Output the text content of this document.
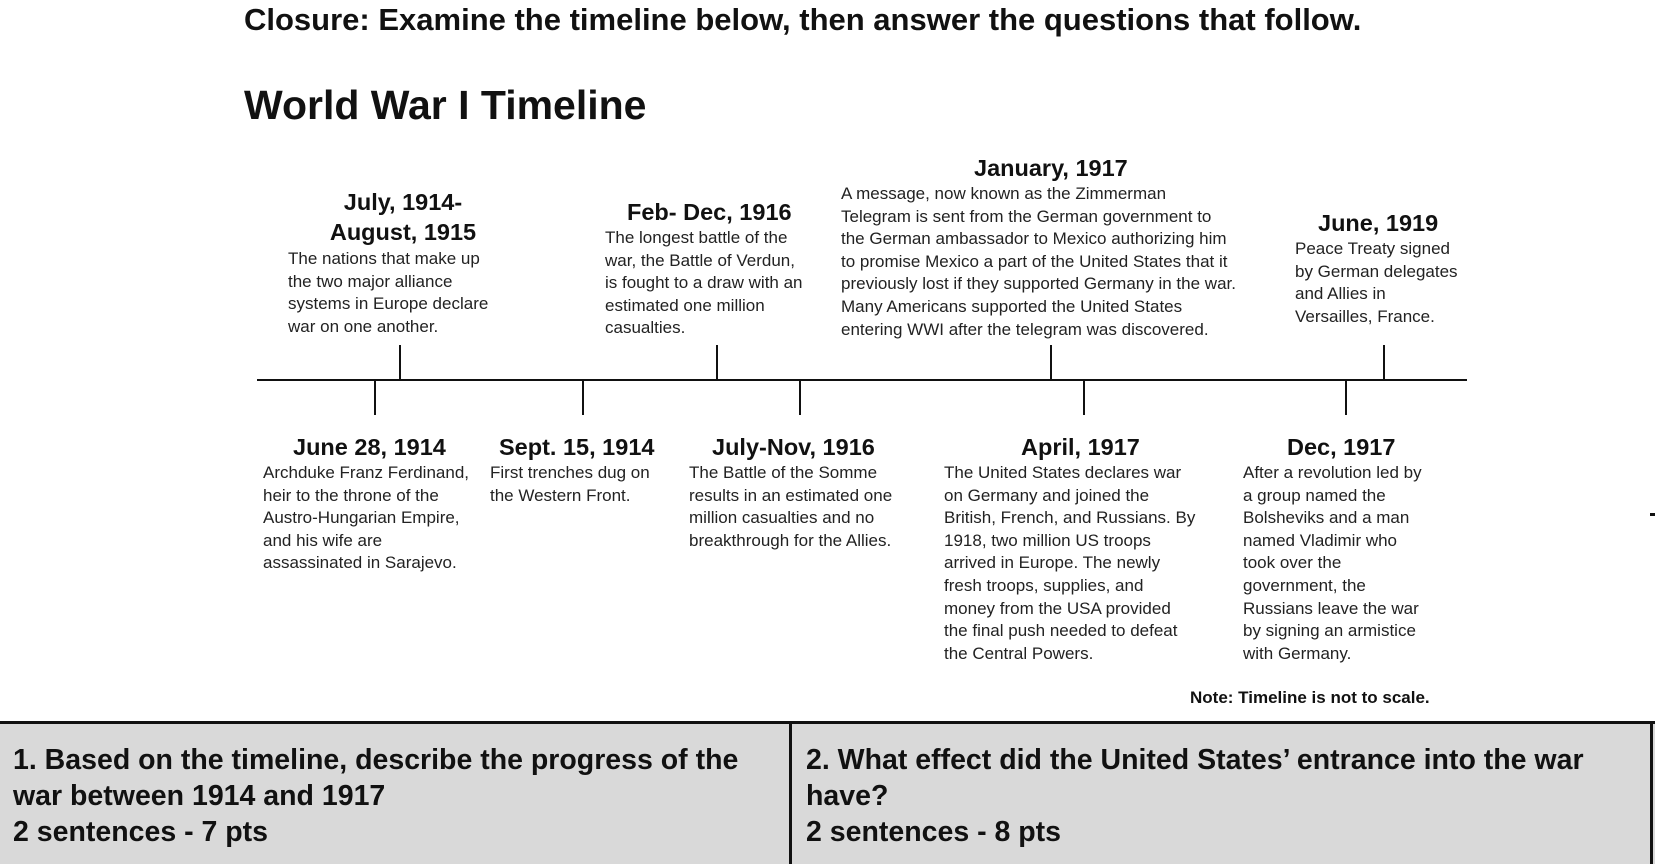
Closure: Examine the timeline below, then answer the questions that follow.
World War I Timeline
July, 1914-
August, 1915
The nations that make up
the two major alliance
systems in Europe declare
war on one another.
Feb- Dec, 1916
The longest battle of the
war, the Battle of Verdun,
is fought to a draw with an
estimated one million
casualties.
January, 1917
A message, now known as the Zimmerman
Telegram is sent from the German government to
the German ambassador to Mexico authorizing him
to promise Mexico a part of the United States that it
previously lost if they supported Germany in the war.
Many Americans supported the United States
entering WWI after the telegram was discovered.
June, 1919
Peace Treaty signed
by German delegates
and Allies in
Versailles, France.
June 28, 1914
Archduke Franz Ferdinand,
heir to the throne of the
Austro-Hungarian Empire,
and his wife are
assassinated in Sarajevo.
Sept. 15, 1914
First trenches dug on
the Western Front.
July-Nov, 1916
The Battle of the Somme
results in an estimated one
million casualties and no
breakthrough for the Allies.
April, 1917
The United States declares war
on Germany and joined the
British, French, and Russians. By
1918, two million US troops
arrived in Europe. The newly
fresh troops, supplies, and
money from the USA provided
the final push needed to defeat
the Central Powers.
Dec, 1917
After a revolution led by
a group named the
Bolsheviks and a man
named Vladimir who
took over the
government, the
Russians leave the war
by signing an armistice
with Germany.
Note: Timeline is not to scale.
1. Based on the timeline, describe the progress of the war between 1914 and 1917
2 sentences - 7 pts
2. What effect did the United States’ entrance into the war have?
2 sentences - 8 pts
